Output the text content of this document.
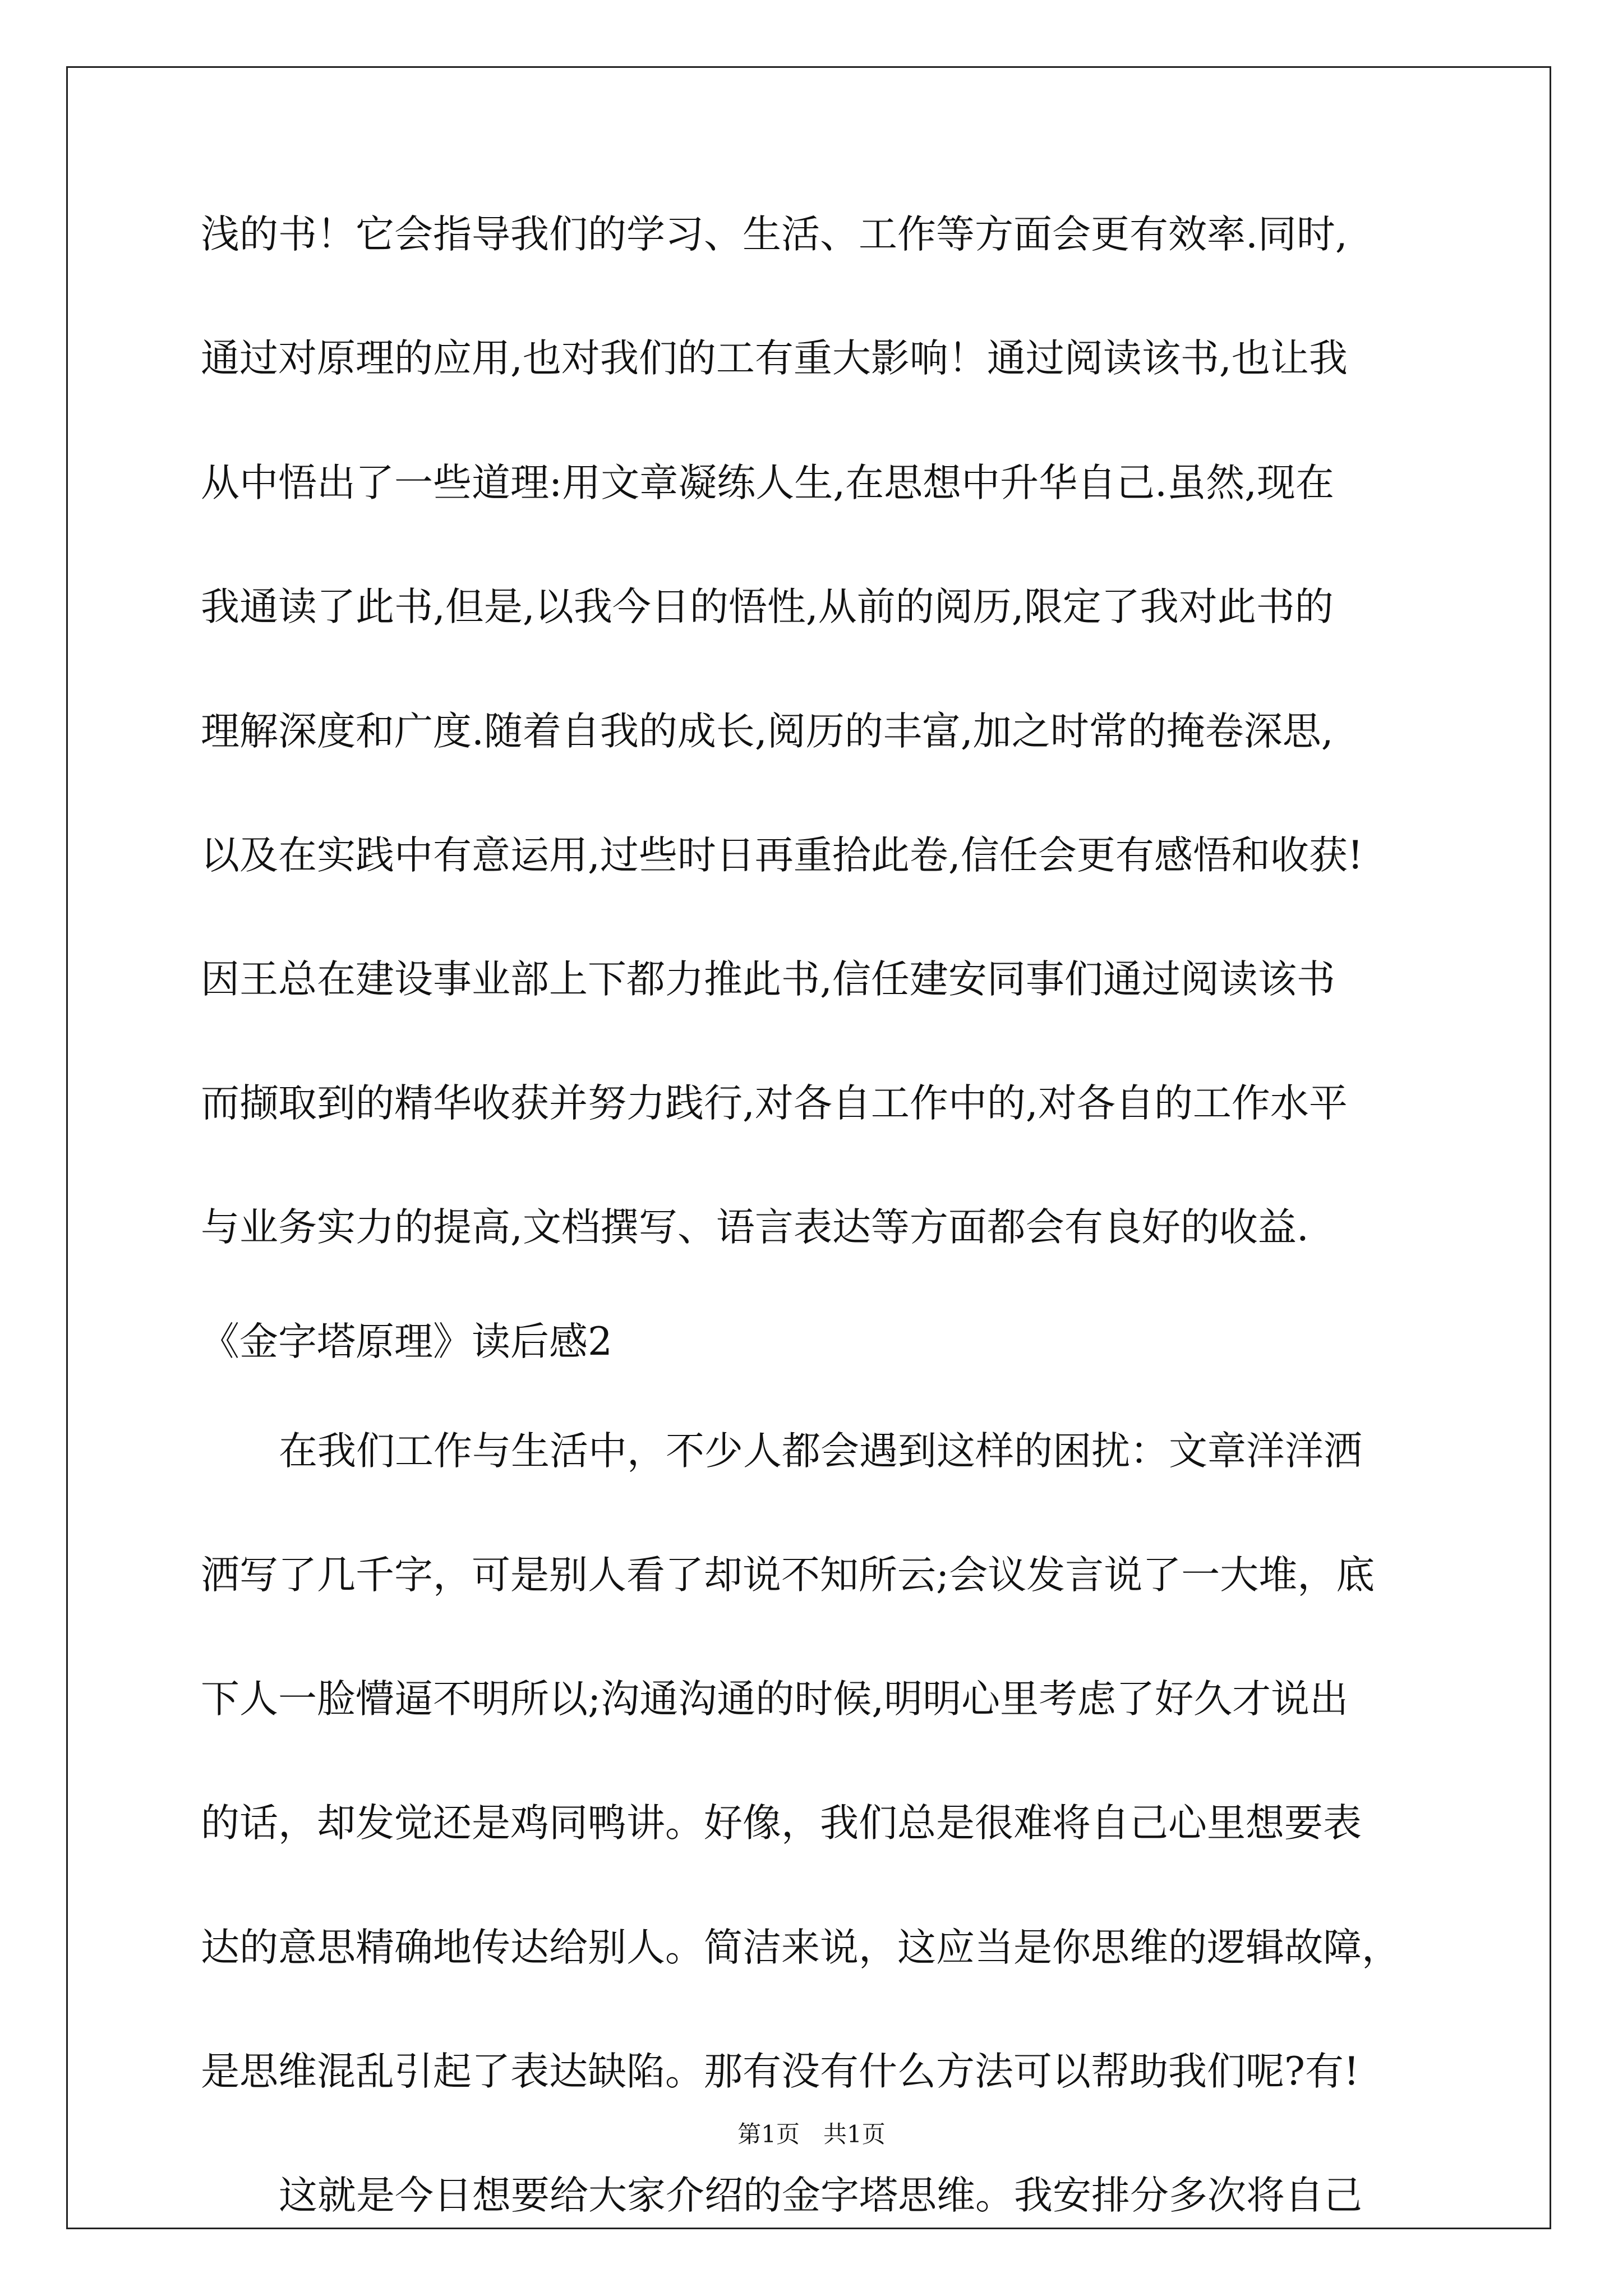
浅的书！它会指导我们的学习、生活、工作等方面会更有效率.同时,
通过对原理的应用,也对我们的工有重大影响！通过阅读该书,也让我
从中悟出了一些道理:用文章凝练人生,在思想中升华自己.虽然,现在
我通读了此书,但是,以我今日的悟性,从前的阅历,限定了我对此书的
理解深度和广度.随着自我的成长,阅历的丰富,加之时常的掩卷深思,
以及在实践中有意运用,过些时日再重拾此卷,信任会更有感悟和收获!
因王总在建设事业部上下都力推此书,信任建安同事们通过阅读该书
而撷取到的精华收获并努力践行,对各自工作中的,对各自的工作水平
与业务实力的提高,文档撰写、语言表达等方面都会有良好的收益.
《金字塔原理》读后感2
在我们工作与生活中，不少人都会遇到这样的困扰：文章洋洋洒
洒写了几千字，可是别人看了却说不知所云;会议发言说了一大堆，底
下人一脸懵逼不明所以;沟通沟通的时候,明明心里考虑了好久才说出
的话，却发觉还是鸡同鸭讲。好像，我们总是很难将自己心里想要表
达的意思精确地传达给别人。简洁来说，这应当是你思维的逻辑故障，
是思维混乱引起了表达缺陷。那有没有什么方法可以帮助我们呢?有!
这就是今日想要给大家介绍的金字塔思维。我安排分多次将自己
第1页　共1页
